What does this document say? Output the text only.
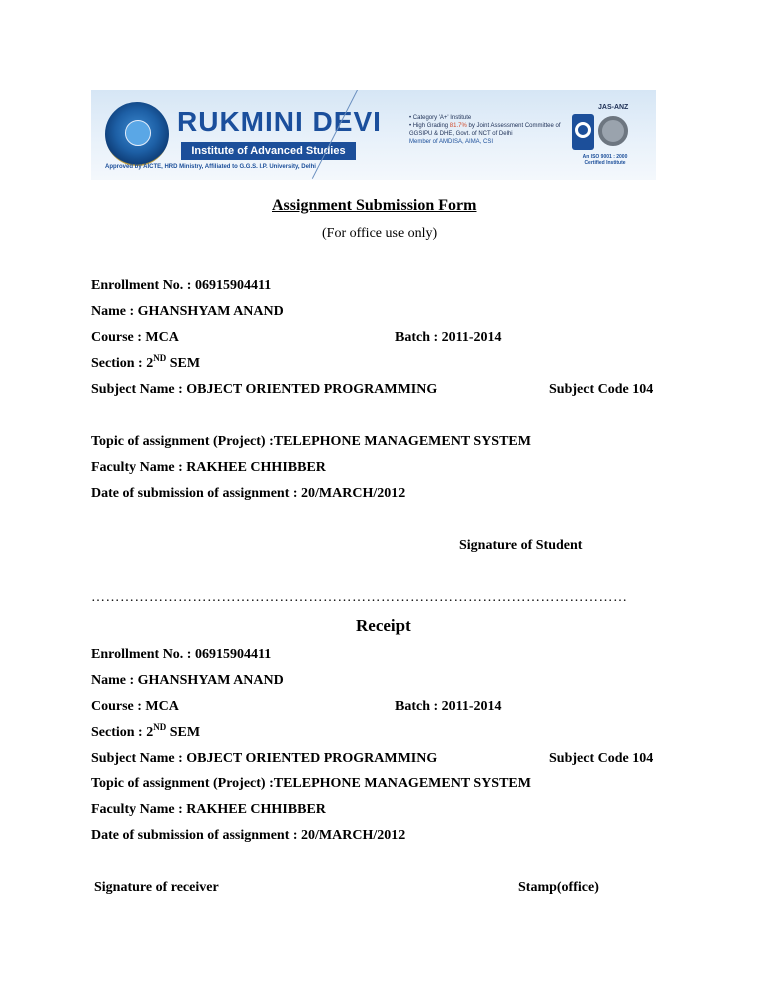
RUKMINI DEVI
Institute of Advanced Studies
Approved by AICTE, HRD Ministry, Affiliated to G.G.S. I.P. University, Delhi
• Category 'A+' Institute
• High Grading 81.7% by Joint Assessment Committee of GGSIPU & DHE, Govt. of NCT of Delhi
Member of AMDISA, AIMA, CSI
JAS-ANZ
An ISO 9001 : 2000 Certified Institute
Assignment Submission Form
(For office use only)
Enrollment No. : 06915904411
Name : GHANSHYAM ANAND
Course : MCA	Batch : 2011-2014
Section : 2ND SEM
Subject Name : OBJECT ORIENTED PROGRAMMING	Subject Code 104
Topic of assignment (Project) :TELEPHONE MANAGEMENT SYSTEM
Faculty Name : RAKHEE CHHIBBER
Date of submission of assignment : 20/MARCH/2012
Signature of Student
…………………………………………………………………………………………………
Receipt
Enrollment No. : 06915904411
Name : GHANSHYAM ANAND
Course : MCA	Batch : 2011-2014
Section : 2ND SEM
Subject Name : OBJECT ORIENTED PROGRAMMING	Subject Code 104
Topic of assignment (Project) :TELEPHONE MANAGEMENT SYSTEM
Faculty Name : RAKHEE CHHIBBER
Date of submission of assignment : 20/MARCH/2012
Signature of receiver	Stamp(office)
